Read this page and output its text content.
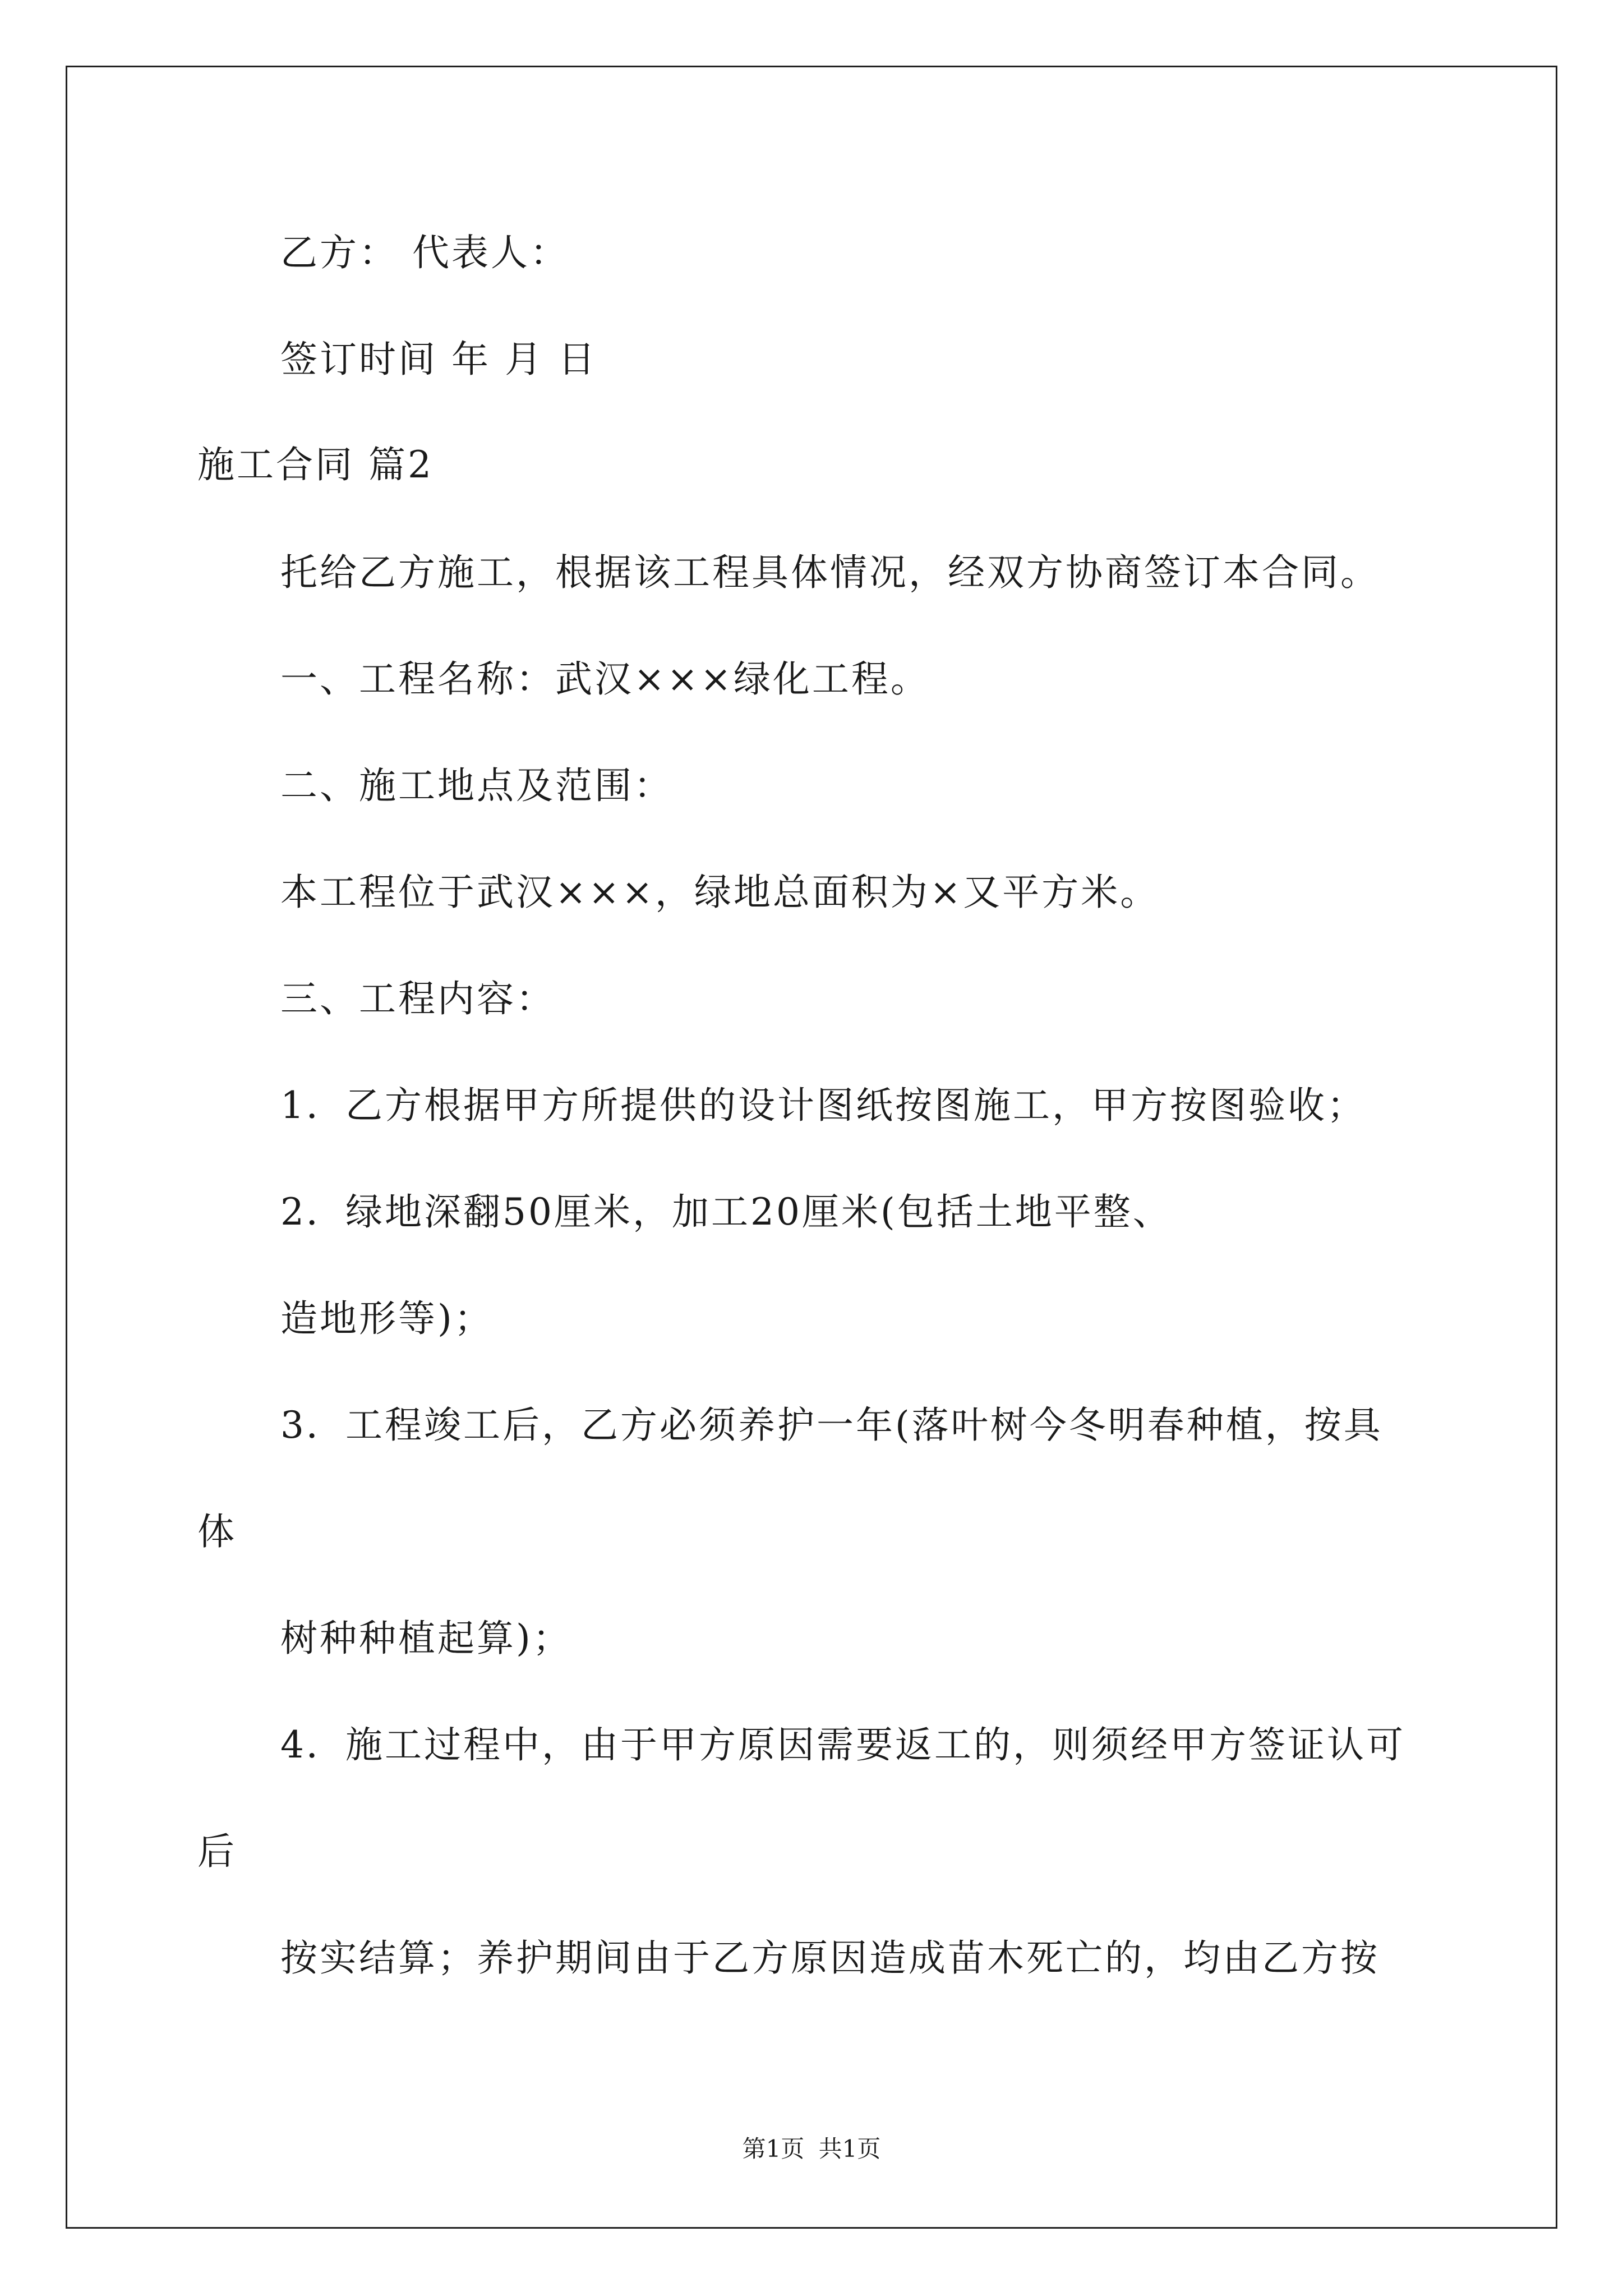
乙方： 代表人：
签订时间 年 月 日
施工合同 篇2
托给乙方施工，根据该工程具体情况，经双方协商签订本合同。
一、工程名称：武汉×××绿化工程。
二、施工地点及范围：
本工程位于武汉×××，绿地总面积为×又平方米。
三、工程内容：
1．乙方根据甲方所提供的设计图纸按图施工，甲方按图验收；
2．绿地深翻50厘米，加工20厘米(包括土地平整、
造地形等)；
3．工程竣工后，乙方必须养护一年(落叶树今冬明春种植，按具
体
树种种植起算)；
4．施工过程中，由于甲方原因需要返工的，则须经甲方签证认可
后
按实结算；养护期间由于乙方原因造成苗木死亡的，均由乙方按
第1页 共1页
